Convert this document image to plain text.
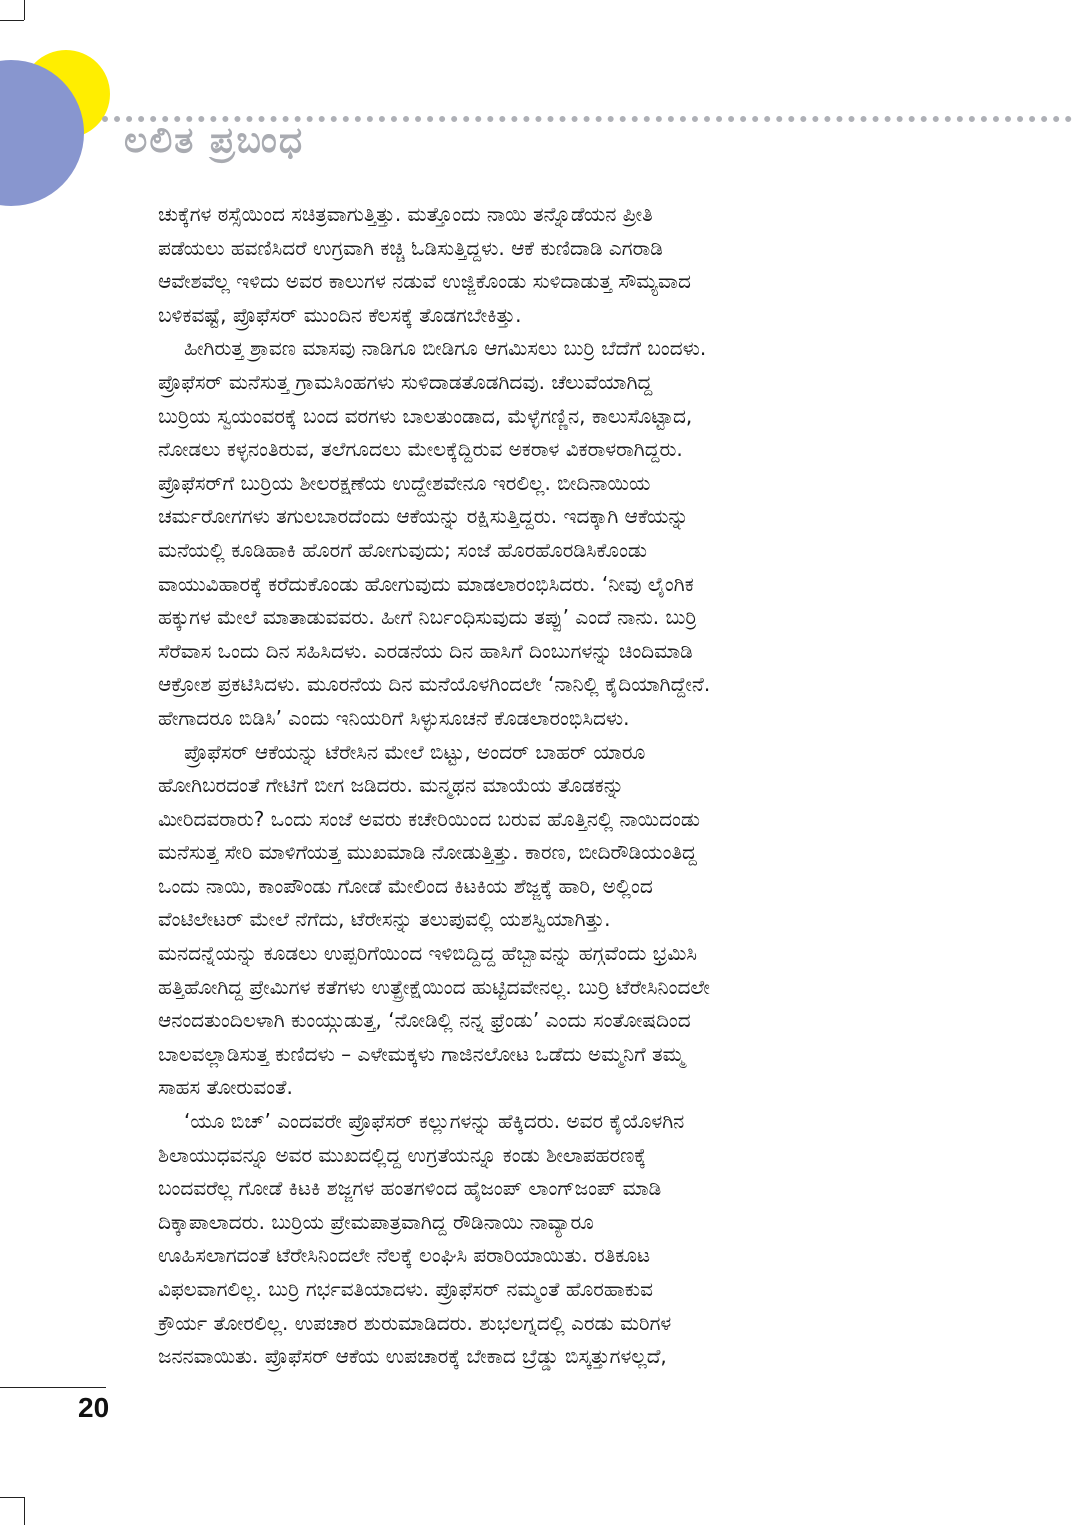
ಲಲಿತ ಪ್ರಬಂಧ
ಚುಕ್ಕೆಗಳ ಠಸ್ಸೆಯಿಂದ ಸಚಿತ್ರವಾಗುತ್ತಿತ್ತು. ಮತ್ತೊಂದು ನಾಯಿ ತನ್ನೊಡೆಯನ ಪ್ರೀತಿ
ಪಡೆಯಲು ಹವಣಿಸಿದರೆ ಉಗ್ರವಾಗಿ ಕಚ್ಚಿ ಓಡಿಸುತ್ತಿದ್ದಳು. ಆಕೆ ಕುಣಿದಾಡಿ ಎಗರಾಡಿ
ಆವೇಶವೆಲ್ಲ ಇಳಿದು ಅವರ ಕಾಲುಗಳ ನಡುವೆ ಉಜ್ಜಿಕೊಂಡು ಸುಳಿದಾಡುತ್ತ ಸೌಮ್ಯವಾದ
ಬಳಿಕವಷ್ಟೆ, ಪ್ರೊಫೆಸರ್ ಮುಂದಿನ ಕೆಲಸಕ್ಕೆ ತೊಡಗಬೇಕಿತ್ತು.
ಹೀಗಿರುತ್ತ ಶ್ರಾವಣ ಮಾಸವು ನಾಡಿಗೂ ಬೀಡಿಗೂ ಆಗಮಿಸಲು ಬುರ್ರಿ ಬೆದೆಗೆ ಬಂದಳು.
ಪ್ರೊಫೆಸರ್ ಮನೆಸುತ್ತ ಗ್ರಾಮಸಿಂಹಗಳು ಸುಳಿದಾಡತೊಡಗಿದವು. ಚೆಲುವೆಯಾಗಿದ್ದ
ಬುರ್ರಿಯ ಸ್ವಯಂವರಕ್ಕೆ ಬಂದ ವರಗಳು ಬಾಲತುಂಡಾದ, ಮೆಳ್ಳೆಗಣ್ಣಿನ, ಕಾಲುಸೊಟ್ಟಾದ,
ನೋಡಲು ಕಳ್ಳನಂತಿರುವ, ತಲೆಗೂದಲು ಮೇಲಕ್ಕೆದ್ದಿರುವ ಅಕರಾಳ ವಿಕರಾಳರಾಗಿದ್ದರು.
ಪ್ರೊಫೆಸರ್‌ಗೆ ಬುರ್ರಿಯ ಶೀಲರಕ್ಷಣೆಯ ಉದ್ದೇಶವೇನೂ ಇರಲಿಲ್ಲ. ಬೀದಿನಾಯಿಯ
ಚರ್ಮರೋಗಗಳು ತಗುಲಬಾರದೆಂದು ಆಕೆಯನ್ನು ರಕ್ಷಿಸುತ್ತಿದ್ದರು. ಇದಕ್ಕಾಗಿ ಆಕೆಯನ್ನು
ಮನೆಯಲ್ಲಿ ಕೂಡಿಹಾಕಿ ಹೊರಗೆ ಹೋಗುವುದು; ಸಂಜೆ ಹೊರಹೊರಡಿಸಿಕೊಂಡು
ವಾಯುವಿಹಾರಕ್ಕೆ ಕರೆದುಕೊಂಡು ಹೋಗುವುದು ಮಾಡಲಾರಂಭಿಸಿದರು. ‘ನೀವು ಲೈಂಗಿಕ
ಹಕ್ಕುಗಳ ಮೇಲೆ ಮಾತಾಡುವವರು. ಹೀಗೆ ನಿರ್ಬಂಧಿಸುವುದು ತಪ್ಪು’ ಎಂದೆ ನಾನು. ಬುರ್ರಿ
ಸೆರೆವಾಸ ಒಂದು ದಿನ ಸಹಿಸಿದಳು. ಎರಡನೆಯ ದಿನ ಹಾಸಿಗೆ ದಿಂಬುಗಳನ್ನು ಚಿಂದಿಮಾಡಿ
ಆಕ್ರೋಶ ಪ್ರಕಟಿಸಿದಳು. ಮೂರನೆಯ ದಿನ ಮನೆಯೊಳಗಿಂದಲೇ ‘ನಾನಿಲ್ಲಿ ಕೈದಿಯಾಗಿದ್ದೇನೆ.
ಹೇಗಾದರೂ ಬಿಡಿಸಿ’ ಎಂದು ಇನಿಯರಿಗೆ ಸಿಳ್ಳುಸೂಚನೆ ಕೊಡಲಾರಂಭಿಸಿದಳು.
ಪ್ರೊಫೆಸರ್ ಆಕೆಯನ್ನು ಟೆರೇಸಿನ ಮೇಲೆ ಬಿಟ್ಟು, ಅಂದರ್ ಬಾಹರ್ ಯಾರೂ
ಹೋಗಿಬರದಂತೆ ಗೇಟಿಗೆ ಬೀಗ ಜಡಿದರು. ಮನ್ಮಥನ ಮಾಯೆಯ ತೊಡಕನ್ನು
ಮೀರಿದವರಾರು? ಒಂದು ಸಂಜೆ ಅವರು ಕಚೇರಿಯಿಂದ ಬರುವ ಹೊತ್ತಿನಲ್ಲಿ ನಾಯಿದಂಡು
ಮನೆಸುತ್ತ ಸೇರಿ ಮಾಳಿಗೆಯತ್ತ ಮುಖಮಾಡಿ ನೋಡುತ್ತಿತ್ತು. ಕಾರಣ, ಬೀದಿರೌಡಿಯಂತಿದ್ದ
ಒಂದು ನಾಯಿ, ಕಾಂಪೌಂಡು ಗೋಡೆ ಮೇಲಿಂದ ಕಿಟಕಿಯ ಶೆಜ್ಜಕ್ಕೆ ಹಾರಿ, ಅಲ್ಲಿಂದ
ವೆಂಟಿಲೇಟರ್ ಮೇಲೆ ನೆಗೆದು, ಟೆರೇಸನ್ನು ತಲುಪುವಲ್ಲಿ ಯಶಸ್ವಿಯಾಗಿತ್ತು.
ಮನದನ್ನೆಯನ್ನು ಕೂಡಲು ಉಪ್ಪರಿಗೆಯಿಂದ ಇಳಿಬಿದ್ದಿದ್ದ ಹೆಬ್ಬಾವನ್ನು ಹಗ್ಗವೆಂದು ಭ್ರಮಿಸಿ
ಹತ್ತಿಹೋಗಿದ್ದ ಪ್ರೇಮಿಗಳ ಕತೆಗಳು ಉತ್ಪ್ರೇಕ್ಷೆಯಿಂದ ಹುಟ್ಟಿದವೇನಲ್ಲ. ಬುರ್ರಿ ಟೆರೇಸಿನಿಂದಲೇ
ಆನಂದತುಂದಿಲಳಾಗಿ ಕುಂಯ್ಗುಡುತ್ತ, ‘ನೋಡಿಲ್ಲಿ ನನ್ನ ಫ್ರೆಂಡು’ ಎಂದು ಸಂತೋಷದಿಂದ
ಬಾಲವಲ್ಲಾಡಿಸುತ್ತ ಕುಣಿದಳು – ಎಳೇಮಕ್ಕಳು ಗಾಜಿನಲೋಟ ಒಡೆದು ಅಮ್ಮನಿಗೆ ತಮ್ಮ
ಸಾಹಸ ತೋರುವಂತೆ.
‘ಯೂ ಬಿಚ್’ ಎಂದವರೇ ಪ್ರೊಫೆಸರ್ ಕಲ್ಲುಗಳನ್ನು ಹೆಕ್ಕಿದರು. ಅವರ ಕೈಯೊಳಗಿನ
ಶಿಲಾಯುಧವನ್ನೂ ಅವರ ಮುಖದಲ್ಲಿದ್ದ ಉಗ್ರತೆಯನ್ನೂ ಕಂಡು ಶೀಲಾಪಹರಣಕ್ಕೆ
ಬಂದವರೆಲ್ಲ ಗೋಡೆ ಕಿಟಕಿ ಶಜ್ಜಗಳ ಹಂತಗಳಿಂದ ಹೈಜಂಪ್ ಲಾಂಗ್‌ಜಂಪ್ ಮಾಡಿ
ದಿಕ್ಕಾಪಾಲಾದರು. ಬುರ್ರಿಯ ಪ್ರೇಮಪಾತ್ರವಾಗಿದ್ದ ರೌಡಿನಾಯಿ ನಾವ್ಯಾರೂ
ಊಹಿಸಲಾಗದಂತೆ ಟೆರೇಸಿನಿಂದಲೇ ನೆಲಕ್ಕೆ ಲಂಘಿಸಿ ಪರಾರಿಯಾಯಿತು. ರತಿಕೂಟ
ವಿಫಲವಾಗಲಿಲ್ಲ. ಬುರ್ರಿ ಗರ್ಭವತಿಯಾದಳು. ಪ್ರೊಫೆಸರ್ ನಮ್ಮಂತೆ ಹೊರಹಾಕುವ
ಕ್ರೌರ್ಯ ತೋರಲಿಲ್ಲ. ಉಪಚಾರ ಶುರುಮಾಡಿದರು. ಶುಭಲಗ್ನದಲ್ಲಿ ಎರಡು ಮರಿಗಳ
ಜನನವಾಯಿತು. ಪ್ರೊಫೆಸರ್ ಆಕೆಯ ಉಪಚಾರಕ್ಕೆ ಬೇಕಾದ ಬ್ರೆಡ್ಡು ಬಿಸ್ಕತ್ತುಗಳಲ್ಲದೆ,
20
